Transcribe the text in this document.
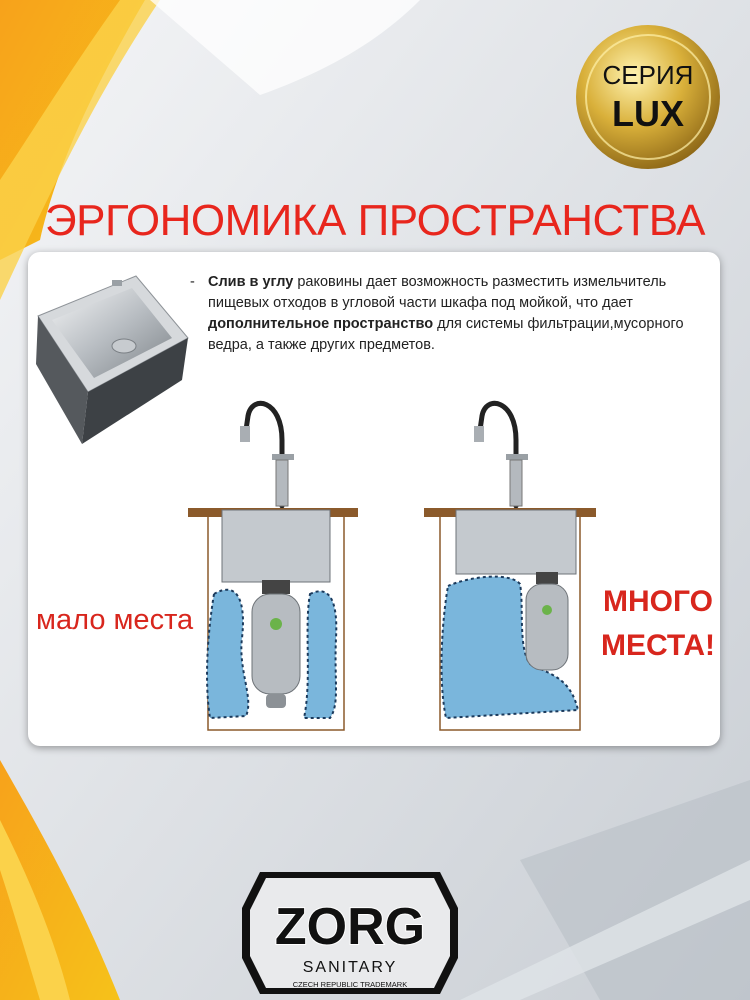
СЕРИЯ
LUX
ЭРГОНОМИКА ПРОСТРАНСТВА
- Слив в углу раковины дает возможность разместить измельчитель пищевых отходов в угловой части шкафа под мойкой, что дает дополнительное пространство для системы фильтрации,мусорного ведра, а также других предметов.
мало места
МНОГО
МЕСТА!
ZORG
SANITARY
CZECH REPUBLIC TRADEMARK
